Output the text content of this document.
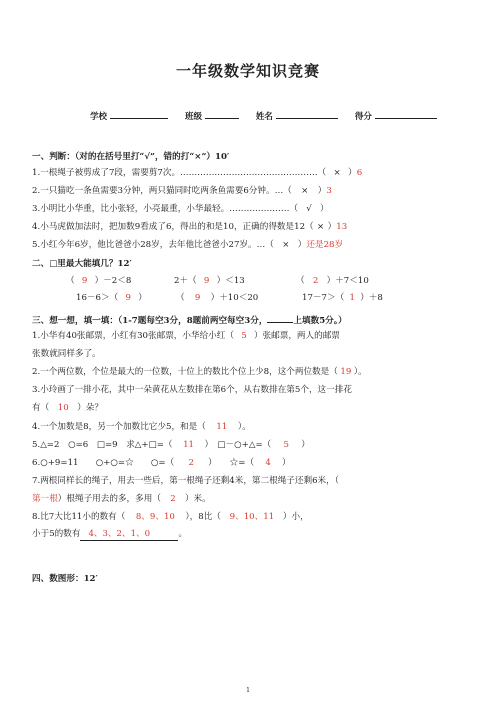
一年级数学知识竞赛
学校	班级	姓名	得分
一、判断：（对的在括号里打“√”，错的打“×”）10′
1.一根绳子被剪成了7段，需要剪7次。…………………………………………（ × ）6
2.一只猫吃一条鱼需要3分钟，两只猫同时吃两条鱼需要6分钟。…（ × ）3
3.小明比小华重，比小张轻，小亮最重，小华最轻。…………………（ √ ）
4.小马虎做加法时，把加数9看成了6，得出的和是10，正确的得数是12（ × ）13
5.小红今年6岁，他比爸爸小28岁，去年他比爸爸小27岁。…（ × ）还是28岁
二、□里最大能填几？12′
（ 9 ）－2＜8	2＋（ 9 ）＜13	（ 2 ）＋7＜10
16－6＞（ 9 ）	（ 9 ）＋10＜20	17－7＞（ 1 ）＋8
三、想一想，填一填：（1-7题每空3分，8题前两空每空3分，	上填数5分。）
1.小华有40张邮票，小红有30张邮票，小华给小红（ 5 ）张邮票，两人的邮票
张数就同样多了。
2.一个两位数，个位是最大的一位数，十位上的数比个位上少8，这个两位数是（ 19 ）。
3.小玲画了一排小花，其中一朵黄花从左数排在第6个，从右数排在第5个，这一排花
有（ 10 ）朵？
4.一个加数是8，另一个加数比它少5，和是（ 11 ）。
5.△=2　○=6　□=9　求△+□=（ 11 ）　□－○+△=（ 5 ）
6.○+9=11　　○+○=☆　　○=（ 2 ）　　☆=（ 4 ）
7.两根同样长的绳子，用去一些后，第一根绳子还剩4米，第二根绳子还剩6米，（
第一根）根绳子用去的多，多用（ 2 ）米。
8.比7大比11小的数有（ 8、9、10 ），8比（ 9、10、11 ）小，
小于5的数有 4、3、2、1、0	。
四、数图形：12′
1
